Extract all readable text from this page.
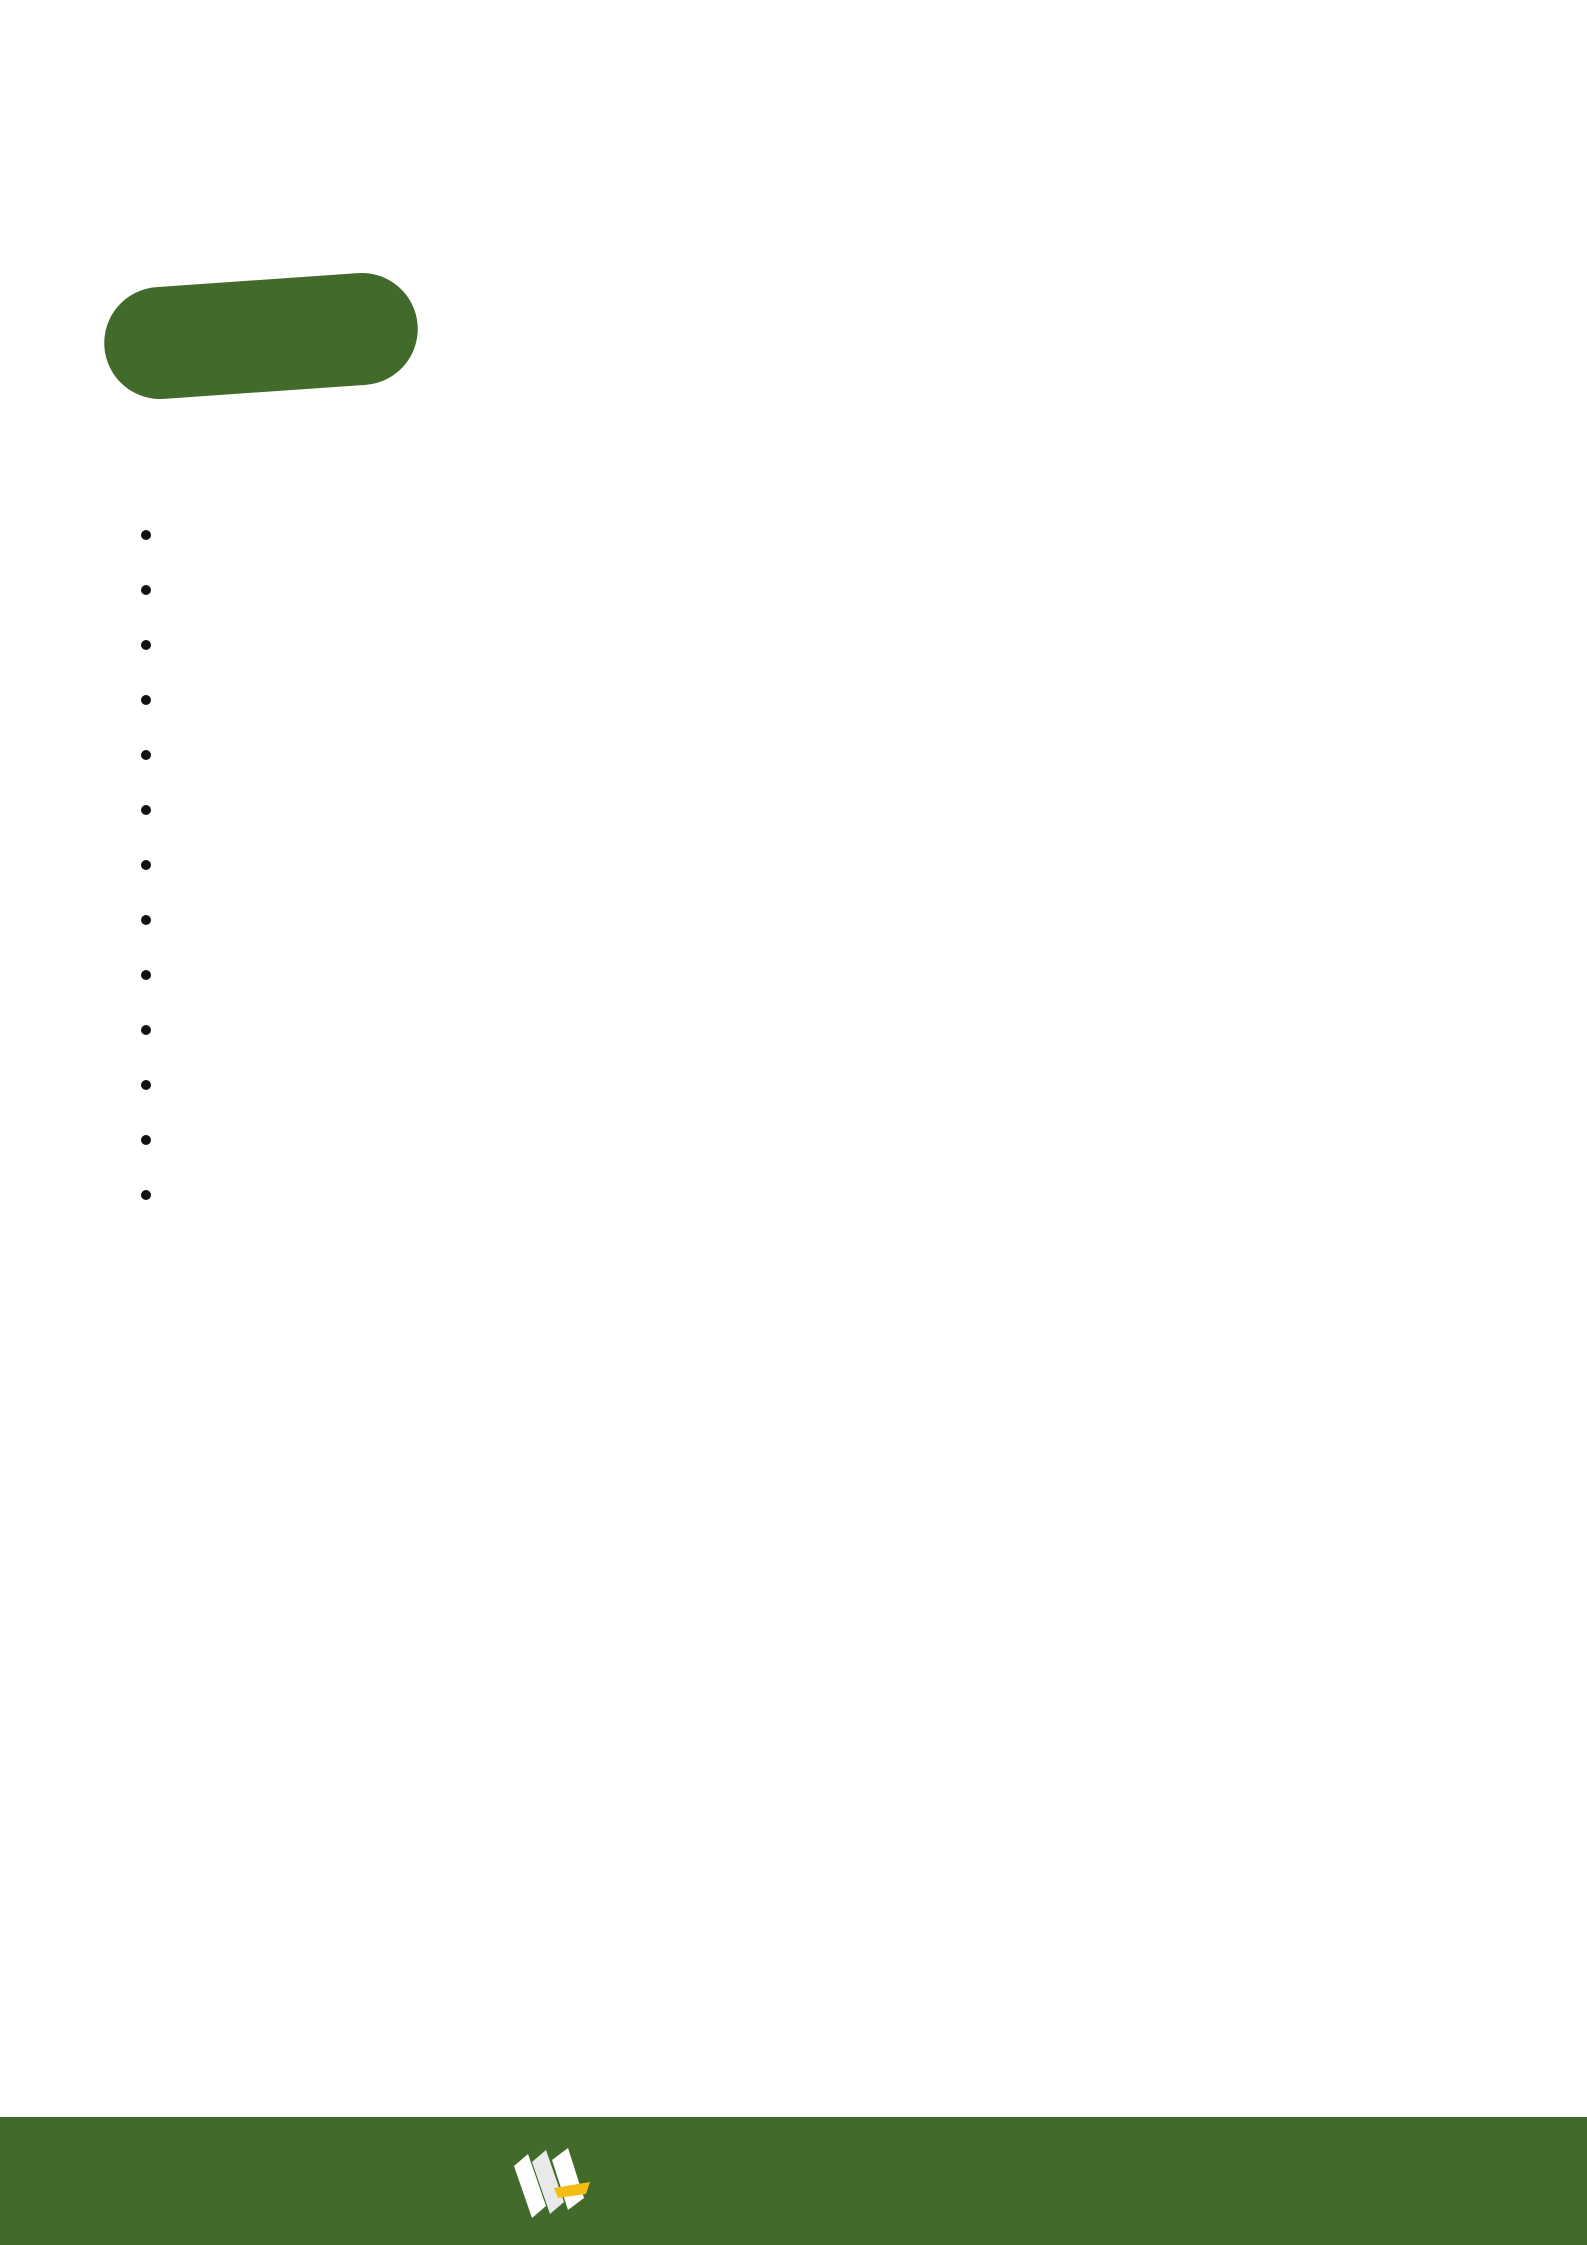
•
•
•
•
•
•
•
•
•
•
•
•
•
